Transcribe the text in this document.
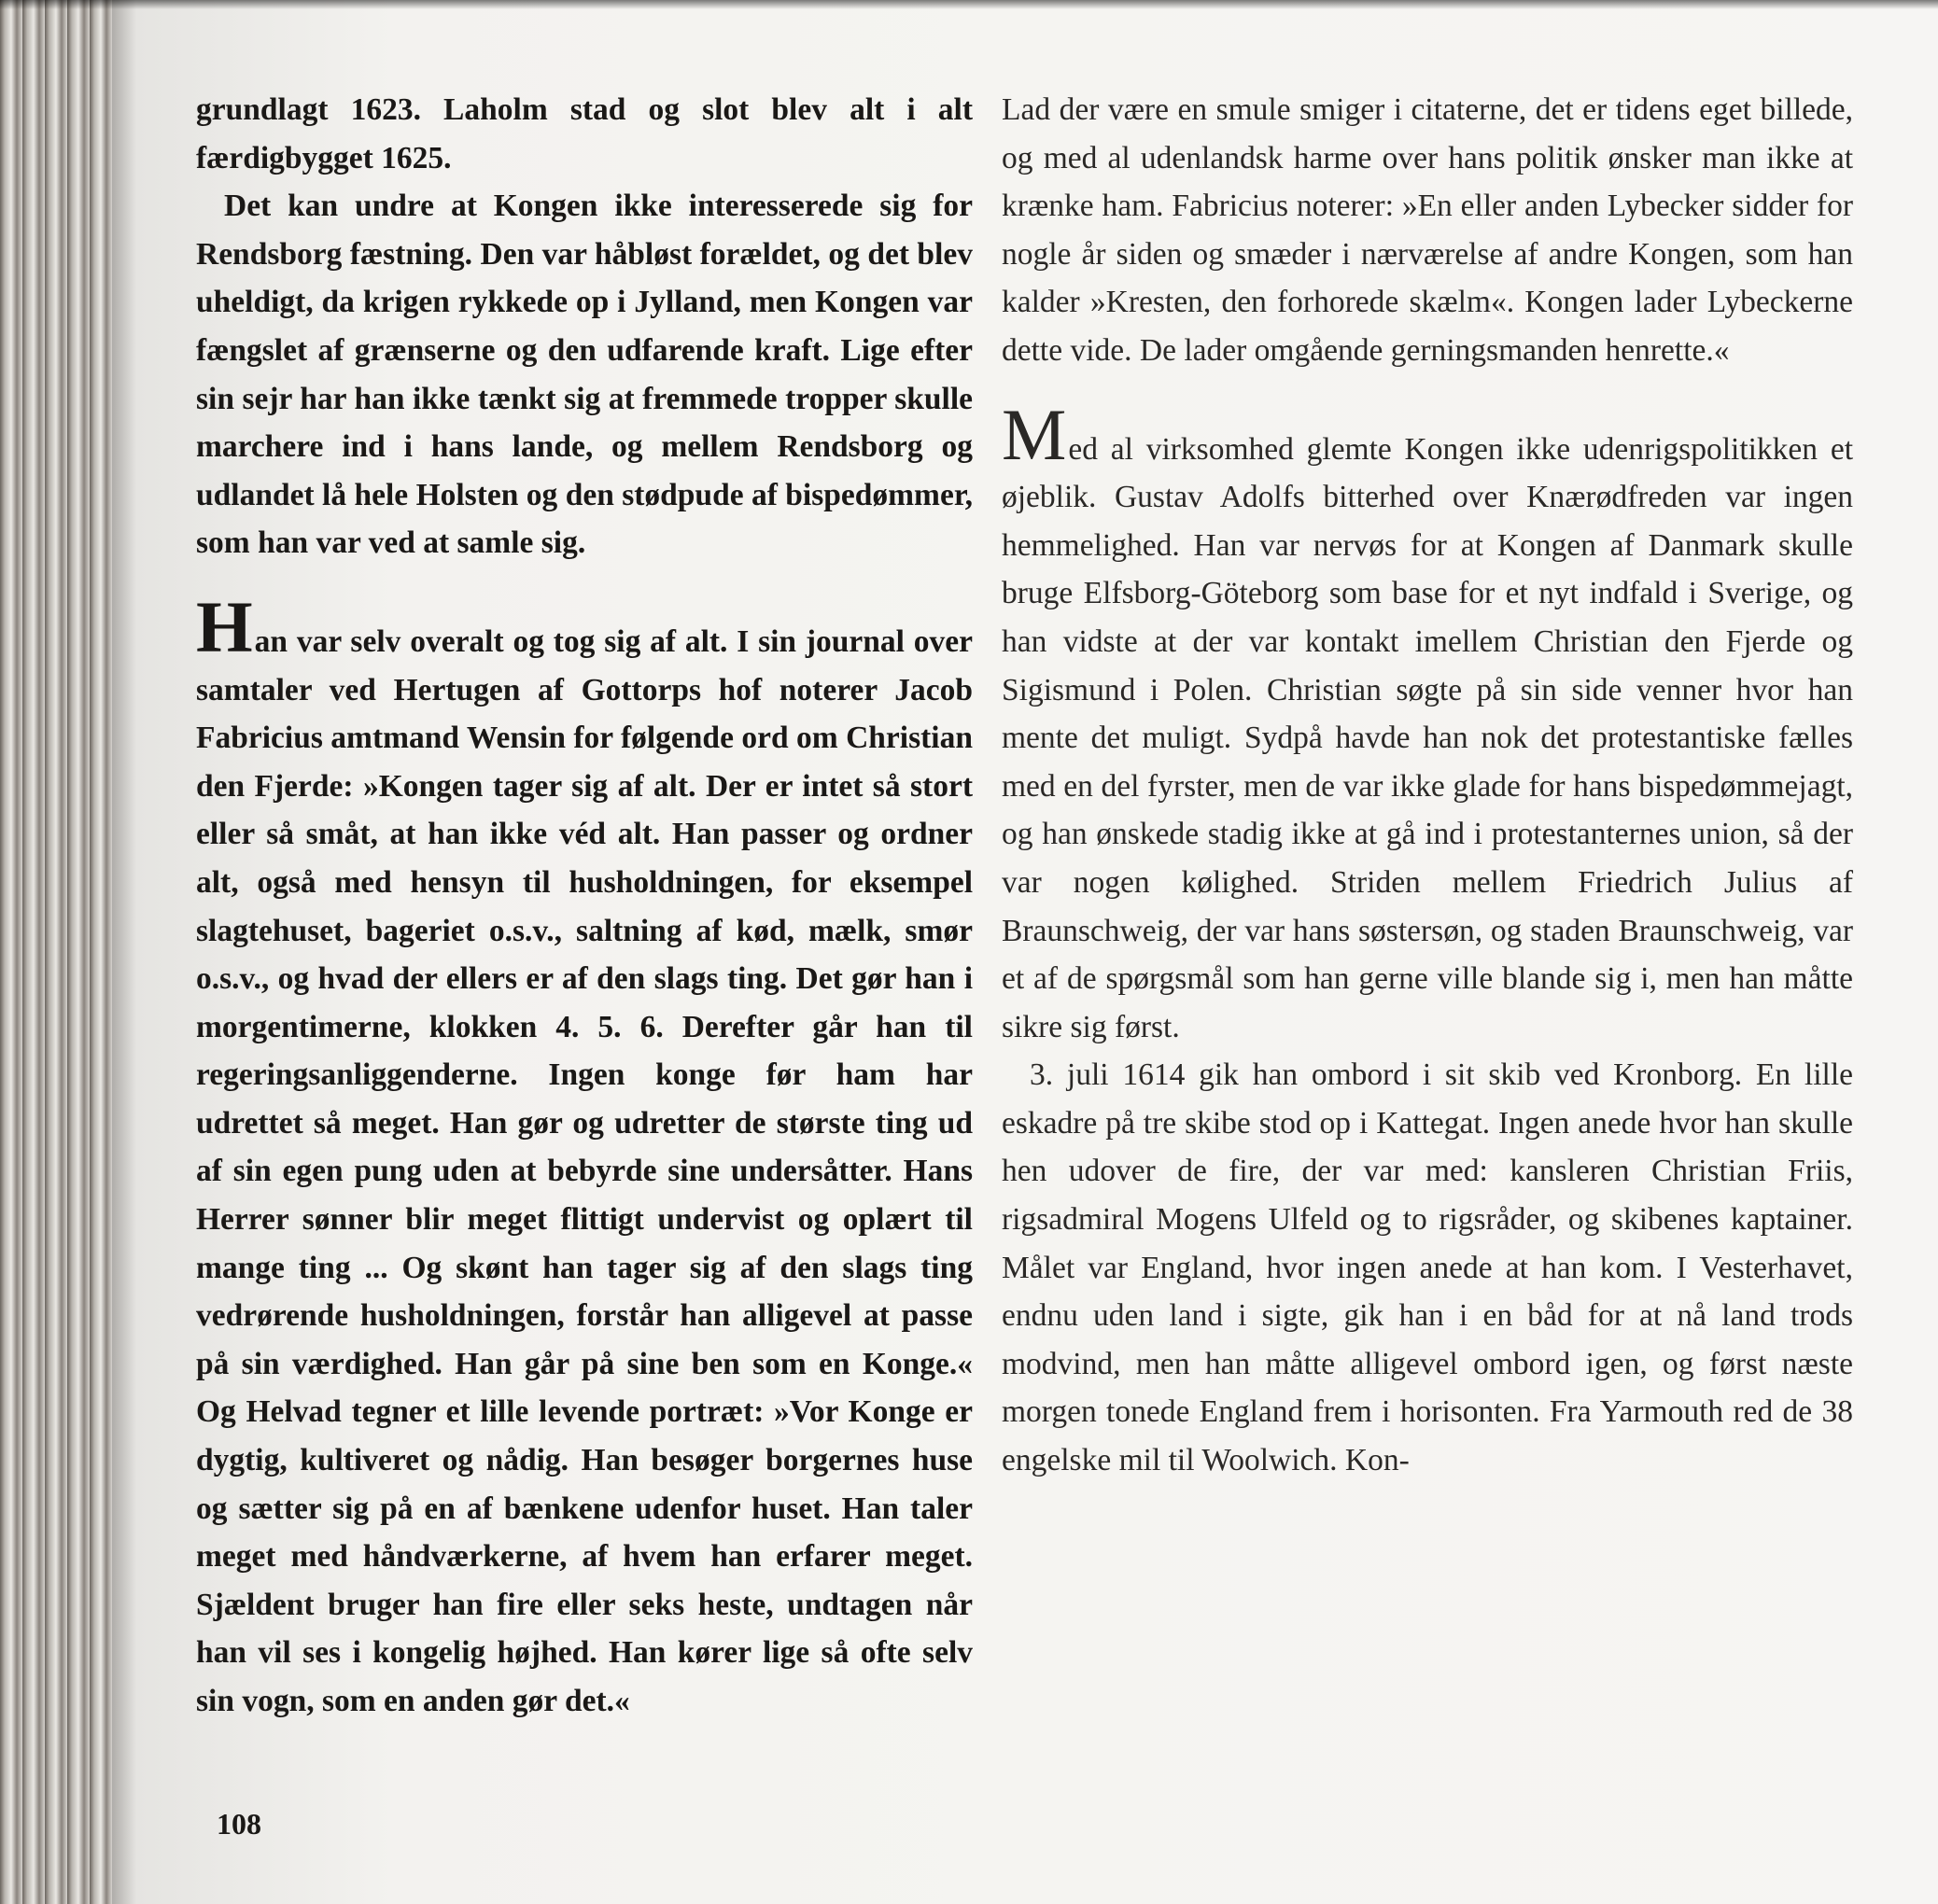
grundlagt 1623. Laholm stad og slot blev alt i alt færdigbygget 1625.

Det kan undre at Kongen ikke interesserede sig for Rendsborg fæstning. Den var håbløst forældet, og det blev uheldigt, da krigen rykkede op i Jylland, men Kongen var fængslet af grænserne og den udfarende kraft. Lige efter sin sejr har han ikke tænkt sig at fremmede tropper skulle marchere ind i hans lande, og mellem Rendsborg og udlandet lå hele Holsten og den stødpude af bispedømmer, som han var ved at samle sig.

Han var selv overalt og tog sig af alt. I sin journal over samtaler ved Hertugen af Gottorps hof noterer Jacob Fabricius amtmand Wensin for følgende ord om Christian den Fjerde: »Kongen tager sig af alt. Der er intet så stort eller så småt, at han ikke véd alt. Han passer og ordner alt, også med hensyn til husholdningen, for eksempel slagtehuset, bageriet o.s.v., saltning af kød, mælk, smør o.s.v., og hvad der ellers er af den slags ting. Det gør han i morgentimerne, klokken 4. 5. 6. Derefter går han til regeringsanliggenderne. Ingen konge før ham har udrettet så meget. Han gør og udretter de største ting ud af sin egen pung uden at bebyrde sine undersåtter. Hans Herrer sønner blir meget flittigt undervist og oplært til mange ting ... Og skønt han tager sig af den slags ting vedrørende husholdningen, forstår han alligevel at passe på sin værdighed. Han går på sine ben som en Konge.« Og Helvad tegner et lille levende portræt: »Vor Konge er dygtig, kultiveret og nådig. Han besøger borgernes huse og sætter sig på en af bænkene udenfor huset. Han taler meget med håndværkerne, af hvem han erfarer meget. Sjældent bruger han fire eller seks heste, undtagen når han vil ses i kongelig højhed. Han kører lige så ofte selv sin vogn, som en anden gør det.«

Lad der være en smule smiger i citaterne, det er tidens eget billede, og med al udenlandsk harme over hans politik ønsker man ikke at krænke ham. Fabricius noterer: »En eller anden Lybecker sidder for nogle år siden og smæder i nærværelse af andre Kongen, som han kalder »Kresten, den forhorede skælm«. Kongen lader Lybeckerne dette vide. De lader omgående gerningsmanden henrette.«

Med al virksomhed glemte Kongen ikke udenrigspolitikken et øjeblik. Gustav Adolfs bitterhed over Knærødfreden var ingen hemmelighed. Han var nervøs for at Kongen af Danmark skulle bruge Elfsborg-Göteborg som base for et nyt indfald i Sverige, og han vidste at der var kontakt imellem Christian den Fjerde og Sigismund i Polen. Christian søgte på sin side venner hvor han mente det muligt. Sydpå havde han nok det protestantiske fælles med en del fyrster, men de var ikke glade for hans bispedømmejagt, og han ønskede stadig ikke at gå ind i protestanternes union, så der var nogen kølighed. Striden mellem Friedrich Julius af Braunschweig, der var hans søstersøn, og staden Braunschweig, var et af de spørgsmål som han gerne ville blande sig i, men han måtte sikre sig først.

3. juli 1614 gik han ombord i sit skib ved Kronborg. En lille eskadre på tre skibe stod op i Kattegat. Ingen anede hvor han skulle hen udover de fire, der var med: kansleren Christian Friis, rigsadmiral Mogens Ulfeld og to rigsråder, og skibenes kaptainer. Målet var England, hvor ingen anede at han kom. I Vesterhavet, endnu uden land i sigte, gik han i en båd for at nå land trods modvind, men han måtte alligevel ombord igen, og først næste morgen tonede England frem i horisonten. Fra Yarmouth red de 38 engelske mil til Woolwich. Kon-

108
